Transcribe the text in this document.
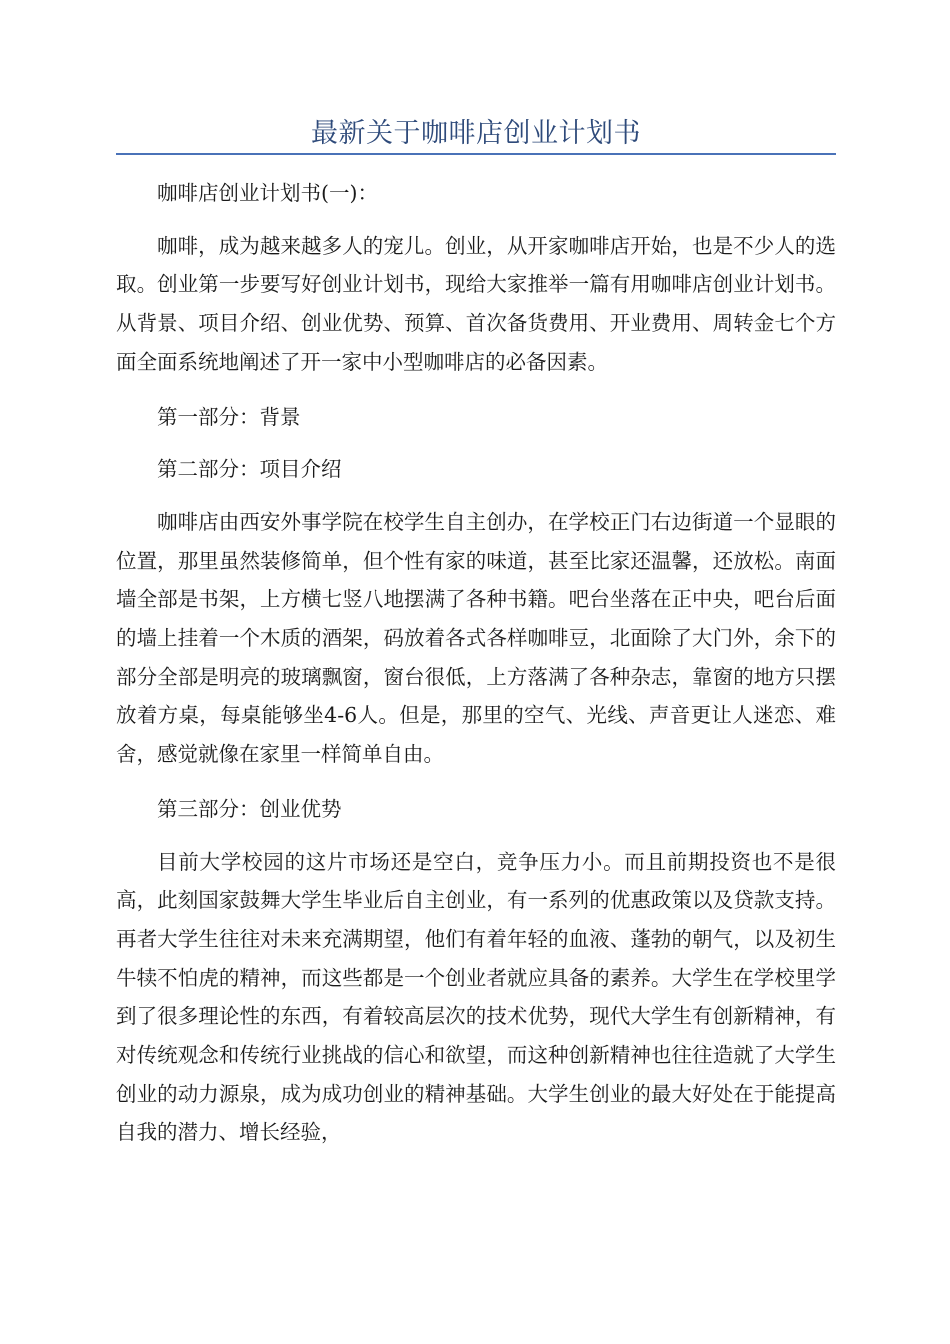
最新关于咖啡店创业计划书

咖啡店创业计划书(一)：

咖啡，成为越来越多人的宠儿。创业，从开家咖啡店开始，也是不少人的选取。创业第一步要写好创业计划书，现给大家推举一篇有用咖啡店创业计划书。从背景、项目介绍、创业优势、预算、首次备货费用、开业费用、周转金七个方面全面系统地阐述了开一家中小型咖啡店的必备因素。

第一部分：背景

第二部分：项目介绍

咖啡店由西安外事学院在校学生自主创办，在学校正门右边街道一个显眼的位置，那里虽然装修简单，但个性有家的味道，甚至比家还温馨，还放松。南面墙全部是书架，上方横七竖八地摆满了各种书籍。吧台坐落在正中央，吧台后面的墙上挂着一个木质的酒架，码放着各式各样咖啡豆，北面除了大门外，余下的部分全部是明亮的玻璃飘窗，窗台很低，上方落满了各种杂志，靠窗的地方只摆放着方桌，每桌能够坐4-6人。但是，那里的空气、光线、声音更让人迷恋、难舍，感觉就像在家里一样简单自由。

第三部分：创业优势

目前大学校园的这片市场还是空白，竞争压力小。而且前期投资也不是很高，此刻国家鼓舞大学生毕业后自主创业，有一系列的优惠政策以及贷款支持。再者大学生往往对未来充满期望，他们有着年轻的血液、蓬勃的朝气，以及初生牛犊不怕虎的精神，而这些都是一个创业者就应具备的素养。大学生在学校里学到了很多理论性的东西，有着较高层次的技术优势，现代大学生有创新精神，有对传统观念和传统行业挑战的信心和欲望，而这种创新精神也往往造就了大学生创业的动力源泉，成为成功创业的精神基础。大学生创业的最大好处在于能提高自我的潜力、增长经验，
